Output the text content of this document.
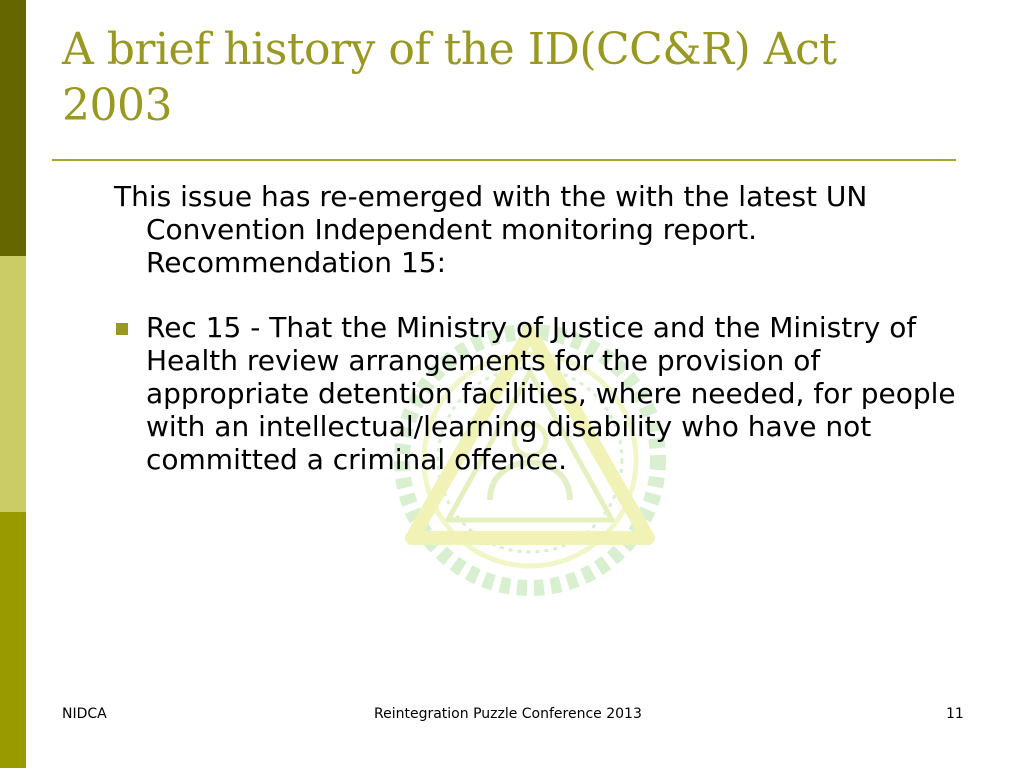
A brief history of the ID(CC&R) Act 2003

This issue has re-emerged with the with the latest UN Convention Independent monitoring report. Recommendation 15:

Rec 15 - That the Ministry of Justice and the Ministry of Health review arrangements for the provision of appropriate detention facilities, where needed, for people with an intellectual/learning disability who have not committed a criminal offence.

NIDCA	Reintegration Puzzle Conference 2013	11
